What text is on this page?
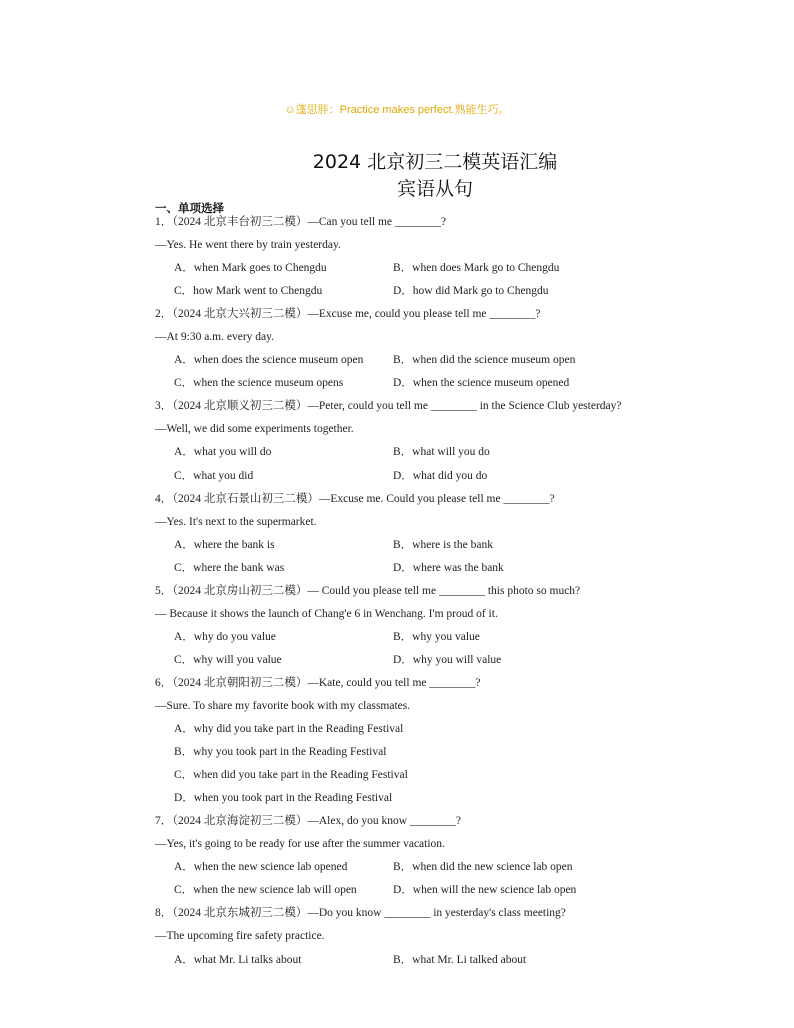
☺蓬思胖：Practice makes perfect.熟能生巧。
2024 北京初三二模英语汇编
宾语从句
一、单项选择
1．（2024 北京丰台初三二模）—Can you tell me ________?
—Yes. He went there by train yesterday.
A．when Mark goes to Chengdu	B．when does Mark go to Chengdu
C．how Mark went to Chengdu	D．how did Mark go to Chengdu
2．（2024 北京大兴初三二模）—Excuse me, could you please tell me ________?
—At 9:30 a.m. every day.
A．when does the science museum open	B．when did the science museum open
C．when the science museum opens	D．when the science museum opened
3．（2024 北京顺义初三二模）—Peter, could you tell me ________ in the Science Club yesterday?
—Well, we did some experiments together.
A．what you will do	B．what will you do
C．what you did	D．what did you do
4．（2024 北京石景山初三二模）—Excuse me. Could you please tell me ________?
—Yes. It's next to the supermarket.
A．where the bank is	B．where is the bank
C．where the bank was	D．where was the bank
5．（2024 北京房山初三二模）— Could you please tell me ________ this photo so much?
— Because it shows the launch of Chang'e 6 in Wenchang. I'm proud of it.
A．why do you value	B．why you value
C．why will you value	D．why you will value
6．（2024 北京朝阳初三二模）—Kate, could you tell me ________?
—Sure. To share my favorite book with my classmates.
A．why did you take part in the Reading Festival
B．why you took part in the Reading Festival
C．when did you take part in the Reading Festival
D．when you took part in the Reading Festival
7．（2024 北京海淀初三二模）—Alex, do you know ________?
—Yes, it's going to be ready for use after the summer vacation.
A．when the new science lab opened	B．when did the new science lab open
C．when the new science lab will open	D．when will the new science lab open
8．（2024 北京东城初三二模）—Do you know ________ in yesterday's class meeting?
—The upcoming fire safety practice.
A．what Mr. Li talks about	B．what Mr. Li talked about
